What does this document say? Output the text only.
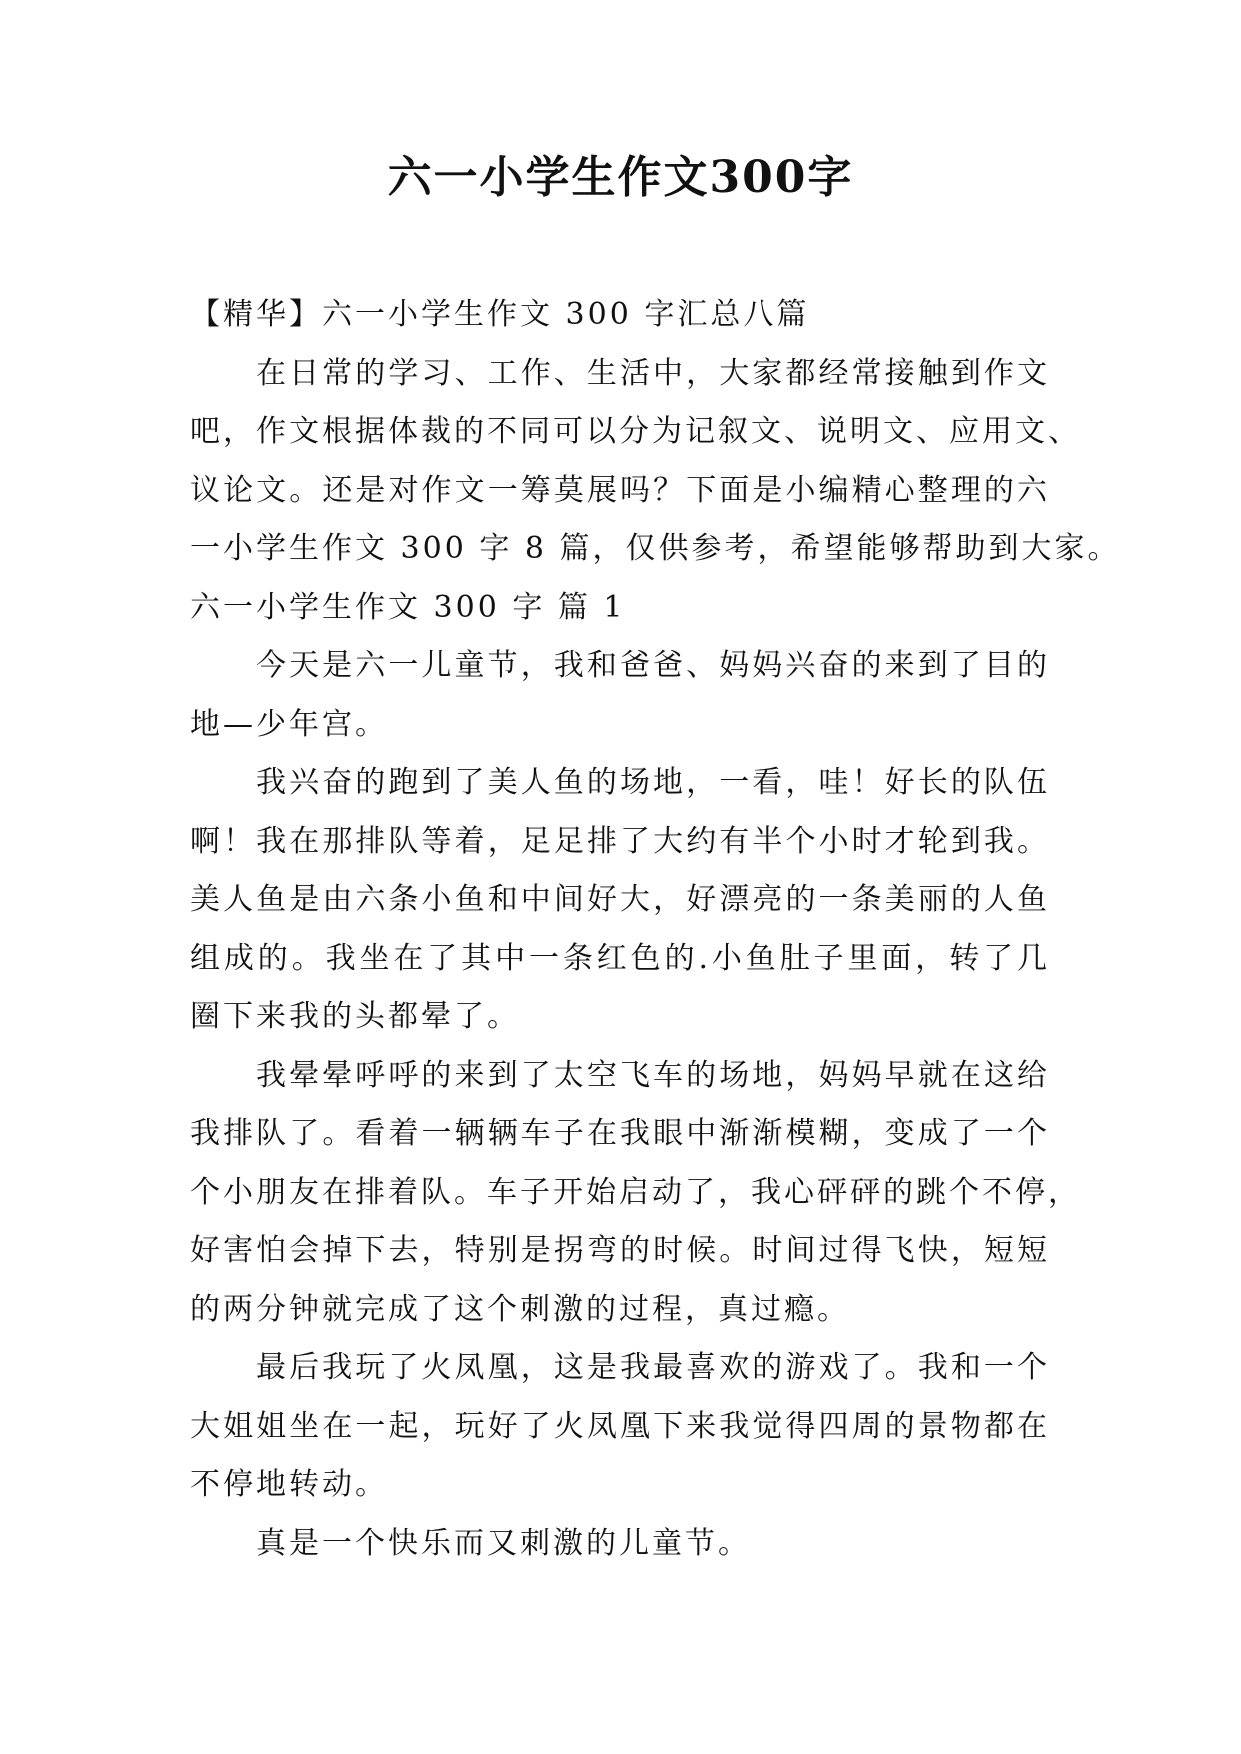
六一小学生作文300字
【精华】六一小学生作文 300 字汇总八篇
在日常的学习、工作、生活中，大家都经常接触到作文
吧，作文根据体裁的不同可以分为记叙文、说明文、应用文、
议论文。还是对作文一筹莫展吗？下面是小编精心整理的六
一小学生作文 300 字 8 篇，仅供参考，希望能够帮助到大家。
六一小学生作文 300 字 篇 1
今天是六一儿童节，我和爸爸、妈妈兴奋的来到了目的
地—少年宫。
我兴奋的跑到了美人鱼的场地，一看，哇！好长的队伍
啊！我在那排队等着，足足排了大约有半个小时才轮到我。
美人鱼是由六条小鱼和中间好大，好漂亮的一条美丽的人鱼
组成的。我坐在了其中一条红色的.小鱼肚子里面，转了几
圈下来我的头都晕了。
我晕晕呼呼的来到了太空飞车的场地，妈妈早就在这给
我排队了。看着一辆辆车子在我眼中渐渐模糊，变成了一个
个小朋友在排着队。车子开始启动了，我心砰砰的跳个不停，
好害怕会掉下去，特别是拐弯的时候。时间过得飞快，短短
的两分钟就完成了这个刺激的过程，真过瘾。
最后我玩了火凤凰，这是我最喜欢的游戏了。我和一个
大姐姐坐在一起，玩好了火凤凰下来我觉得四周的景物都在
不停地转动。
真是一个快乐而又刺激的儿童节。
